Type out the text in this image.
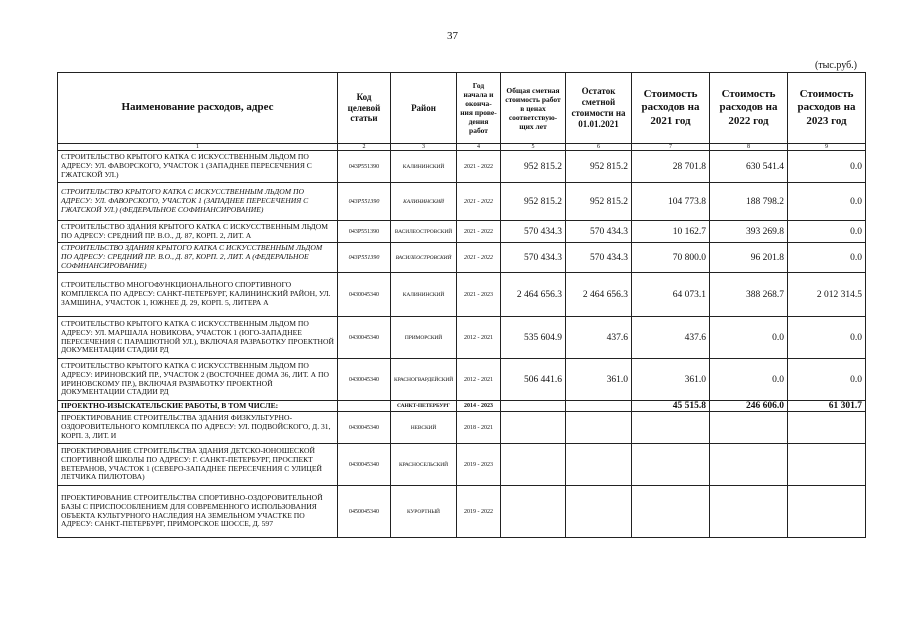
37
(тыс.руб.)
Наименование расходов, адрес	Код целевой статьи	Район	Год начала и оконча-ния прове-дения работ	Общая сметная стоимость работ в ценах соответствую-щих лет	Остаток сметной стоимости на 01.01.2021	Стоимость расходов на 2021 год	Стоимость расходов на 2022 год	Стоимость расходов на 2023 год
1	2	3	4	5	6	7	8	9
СТРОИТЕЛЬСТВО КРЫТОГО КАТКА С ИСКУССТВЕННЫМ ЛЬДОМ ПО АДРЕСУ: УЛ. ФАВОРСКОГО, УЧАСТОК 1 (ЗАПАДНЕЕ ПЕРЕСЕЧЕНИЯ С ГЖАТСКОЙ УЛ.)	043P551390	КАЛИНИНСКИЙ	2021 - 2022	952 815.2	952 815.2	28 701.8	630 541.4	0.0
СТРОИТЕЛЬСТВО КРЫТОГО КАТКА С ИСКУССТВЕННЫМ ЛЬДОМ ПО АДРЕСУ: УЛ. ФАВОРСКОГО, УЧАСТОК 1 (ЗАПАДНЕЕ ПЕРЕСЕЧЕНИЯ С ГЖАТСКОЙ УЛ.) (ФЕДЕРАЛЬНОЕ СОФИНАНСИРОВАНИЕ)	043P551390	КАЛИНИНСКИЙ	2021 - 2022	952 815.2	952 815.2	104 773.8	188 798.2	0.0
СТРОИТЕЛЬСТВО ЗДАНИЯ КРЫТОГО КАТКА С ИСКУССТВЕННЫМ ЛЬДОМ ПО АДРЕСУ: СРЕДНИЙ ПР. В.О., Д. 87, КОРП. 2, ЛИТ. А	043P551390	ВАСИЛЕОСТРОВСКИЙ	2021 - 2022	570 434.3	570 434.3	10 162.7	393 269.8	0.0
СТРОИТЕЛЬСТВО ЗДАНИЯ КРЫТОГО КАТКА С ИСКУССТВЕННЫМ ЛЬДОМ ПО АДРЕСУ: СРЕДНИЙ ПР. В.О., Д. 87, КОРП. 2, ЛИТ. А (ФЕДЕРАЛЬНОЕ СОФИНАНСИРОВАНИЕ)	043P551390	ВАСИЛЕОСТРОВСКИЙ	2021 - 2022	570 434.3	570 434.3	70 800.0	96 201.8	0.0
СТРОИТЕЛЬСТВО МНОГОФУНКЦИОНАЛЬНОГО СПОРТИВНОГО КОМПЛЕКСА ПО АДРЕСУ: САНКТ-ПЕТЕРБУРГ, КАЛИНИНСКИЙ РАЙОН, УЛ. ЗАМШИНА, УЧАСТОК 1, ЮЖНЕЕ Д. 29, КОРП. 5, ЛИТЕРА А	0430045340	КАЛИНИНСКИЙ	2021 - 2023	2 464 656.3	2 464 656.3	64 073.1	388 268.7	2 012 314.5
СТРОИТЕЛЬСТВО КРЫТОГО КАТКА С ИСКУССТВЕННЫМ ЛЬДОМ ПО АДРЕСУ: УЛ. МАРШАЛА НОВИКОВА, УЧАСТОК 1 (ЮГО-ЗАПАДНЕЕ ПЕРЕСЕЧЕНИЯ С ПАРАШЮТНОЙ УЛ.), ВКЛЮЧАЯ РАЗРАБОТКУ ПРОЕКТНОЙ ДОКУМЕНТАЦИИ СТАДИИ РД	0430045340	ПРИМОРСКИЙ	2012 - 2021	535 604.9	437.6	437.6	0.0	0.0
СТРОИТЕЛЬСТВО КРЫТОГО КАТКА С ИСКУССТВЕННЫМ ЛЬДОМ ПО АДРЕСУ: ИРИНОВСКИЙ ПР., УЧАСТОК 2 (ВОСТОЧНЕЕ ДОМА 36, ЛИТ. А ПО ИРИНОВСКОМУ ПР.), ВКЛЮЧАЯ РАЗРАБОТКУ ПРОЕКТНОЙ ДОКУМЕНТАЦИИ СТАДИИ РД	0430045340	КРАСНОГВАРДЕЙСКИЙ	2012 - 2021	506 441.6	361.0	361.0	0.0	0.0
ПРОЕКТНО-ИЗЫСКАТЕЛЬСКИЕ РАБОТЫ, В ТОМ ЧИСЛЕ:		САНКТ-ПЕТЕРБУРГ	2014 - 2023			45 515.8	246 606.0	61 301.7
ПРОЕКТИРОВАНИЕ СТРОИТЕЛЬСТВА ЗДАНИЯ ФИЗКУЛЬТУРНО-ОЗДОРОВИТЕЛЬНОГО КОМПЛЕКСА ПО АДРЕСУ: УЛ. ПОДВОЙСКОГО, Д. 31, КОРП. 3, ЛИТ. И	0430045340	НЕВСКИЙ	2018 - 2021					
ПРОЕКТИРОВАНИЕ СТРОИТЕЛЬСТВА ЗДАНИЯ ДЕТСКО-ЮНОШЕСКОЙ СПОРТИВНОЙ ШКОЛЫ ПО АДРЕСУ: Г. САНКТ-ПЕТЕРБУРГ, ПРОСПЕКТ ВЕТЕРАНОВ, УЧАСТОК 1 (СЕВЕРО-ЗАПАДНЕЕ ПЕРЕСЕЧЕНИЯ С УЛИЦЕЙ ЛЕТЧИКА ПИЛЮТОВА)	0430045340	КРАСНОСЕЛЬСКИЙ	2019 - 2023					
ПРОЕКТИРОВАНИЕ СТРОИТЕЛЬСТВА СПОРТИВНО-ОЗДОРОВИТЕЛЬНОЙ БАЗЫ С ПРИСПОСОБЛЕНИЕМ ДЛЯ СОВРЕМЕННОГО ИСПОЛЬЗОВАНИЯ ОБЪЕКТА КУЛЬТУРНОГО НАСЛЕДИЯ НА ЗЕМЕЛЬНОМ УЧАСТКЕ ПО АДРЕСУ: САНКТ-ПЕТЕРБУРГ, ПРИМОРСКОЕ ШОССЕ, Д. 597	0450045340	КУРОРТНЫЙ	2019 - 2022					
